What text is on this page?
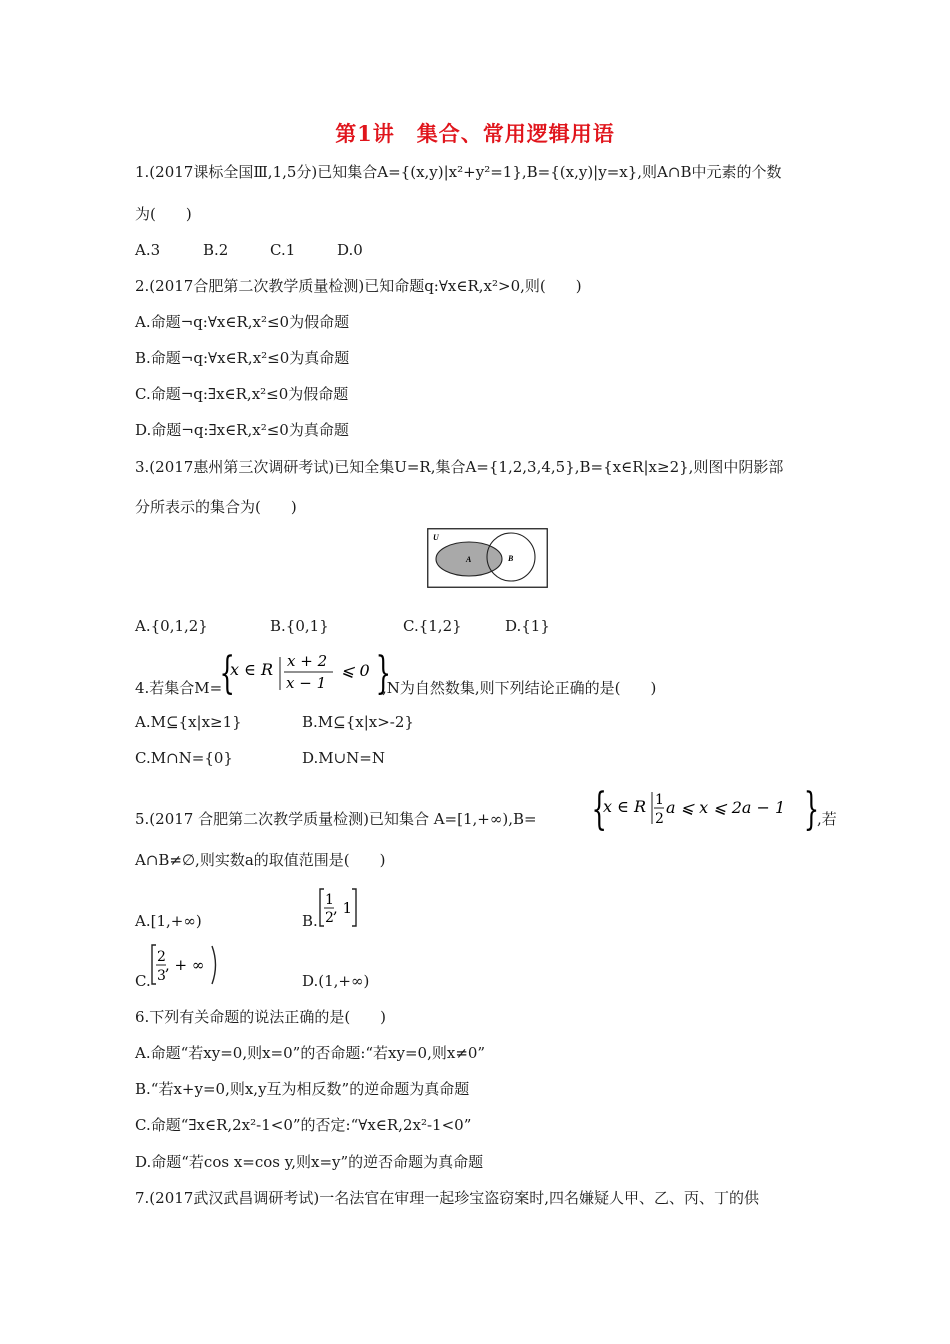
第1讲　集合、常用逻辑用语
1.(2017课标全国Ⅲ,1,5分)已知集合A={(x,y)|x²+y²=1},B={(x,y)|y=x},则A∩B中元素的个数
为(　　)
A.3	B.2	C.1	D.0
2.(2017合肥第二次教学质量检测)已知命题q:∀x∈R,x²>0,则(　　)
A.命题¬q:∀x∈R,x²≤0为假命题
B.命题¬q:∀x∈R,x²≤0为真命题
C.命题¬q:∃x∈R,x²≤0为假命题
D.命题¬q:∃x∈R,x²≤0为真命题
3.(2017惠州第三次调研考试)已知全集U=R,集合A={1,2,3,4,5},B={x∈R|x≥2},则图中阴影部
分所表示的集合为(　　)
U
A	B
A.{0,1,2}	B.{0,1}	C.{1,2}	D.{1}
4.若集合M=
{
x ∈ R x + 2
x − 1
⩽ 0 }
,N为自然数集,则下列结论正确的是(　　)
A.M⊆{x|x≥1}	B.M⊆{x|x>-2}
C.M∩N={0}	D.M∪N=N
5.(2017 合肥第二次教学质量检测)已知集合 A=[1,+∞),B= {
x ∈ R 1
2
a ⩽ x ⩽ 2a − 1 }
,若
A∩B≠∅,则实数a的取值范围是(　　)
A.[1,+∞)	B.
1
2
, 1
C.
2
3
, + ∞
D.(1,+∞)
6.下列有关命题的说法正确的是(　　)
A.命题“若xy=0,则x=0”的否命题:“若xy=0,则x≠0”
B.“若x+y=0,则x,y互为相反数”的逆命题为真命题
C.命题“∃x∈R,2x²-1<0”的否定:“∀x∈R,2x²-1<0”
D.命题“若cos x=cos y,则x=y”的逆否命题为真命题
7.(2017武汉武昌调研考试)一名法官在审理一起珍宝盗窃案时,四名嫌疑人甲、乙、丙、丁的供
